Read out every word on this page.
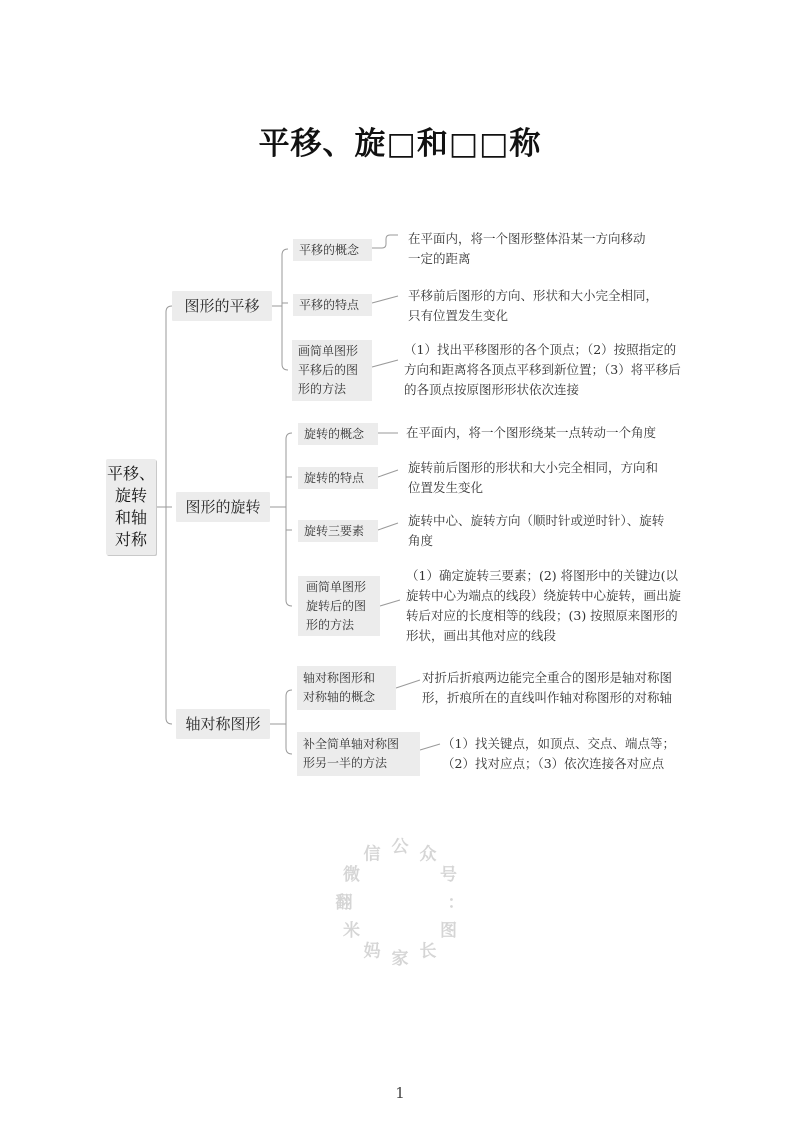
平移、旋□和□□称
平移、
旋转
和轴
对称
图形的平移
平移的概念
在平面内，将一个图形整体沿某一方向移动
一定的距离
平移的特点
平移前后图形的方向、形状和大小完全相同，
只有位置发生变化
画简单图形
平移后的图
形的方法
（1）找出平移图形的各个顶点；（2）按照指定的
方向和距离将各顶点平移到新位置；（3）将平移后
的各顶点按原图形形状依次连接
图形的旋转
旋转的概念	在平面内，将一个图形绕某一点转动一个角度
旋转的特点
旋转前后图形的形状和大小完全相同，方向和
位置发生变化
旋转三要素
旋转中心、旋转方向（顺时针或逆时针）、旋转
角度
画简单图形
旋转后的图
形的方法
（1）确定旋转三要素；(2) 将图形中的关键边(以
旋转中心为端点的线段）绕旋转中心旋转，画出旋
转后对应的长度相等的线段；(3) 按照原来图形的
形状，画出其他对应的线段
轴对称图形
轴对称图形和
对称轴的概念
对折后折痕两边能完全重合的图形是轴对称图
形，折痕所在的直线叫作轴对称图形的对称轴
补全简单轴对称图
形另一半的方法
（1）找关键点，如顶点、交点、端点等；
（2）找对应点；（3）依次连接各对应点
微
信 公 众
号
：
图
长
家
妈
米
翻
1
